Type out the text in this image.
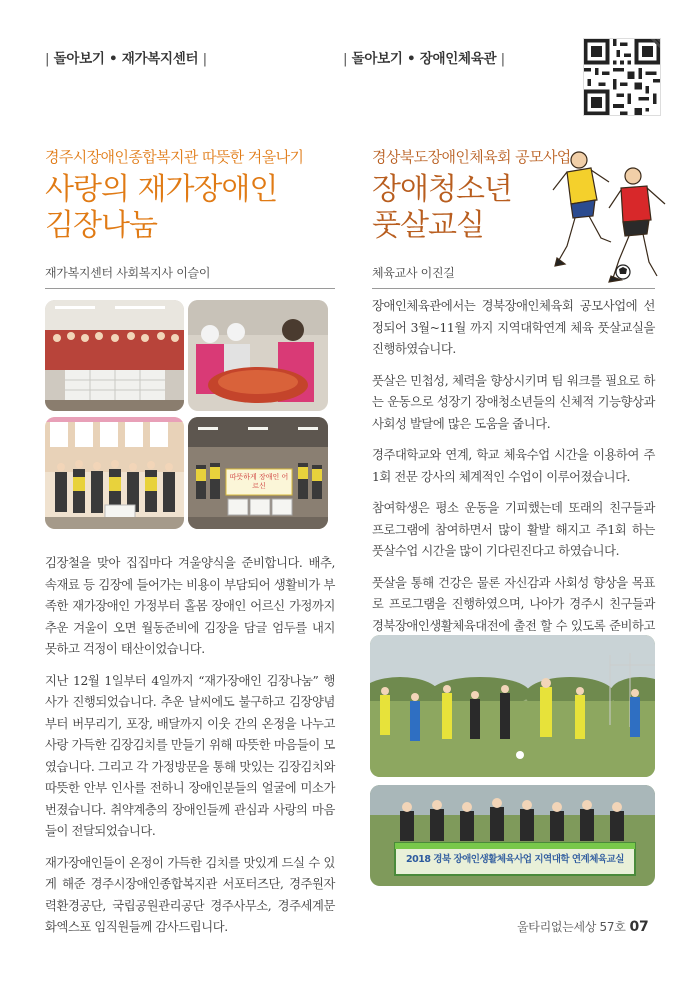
| 돌아보기 • 재가복지센터 |	| 돌아보기 • 장애인체육관 |
경주시장애인종합복지관 따뜻한 겨울나기
사랑의 재가장애인
김장나눔
재가복지센터 사회복지사 이슬이
경상북도장애인체육회 공모사업
장애청소년
풋살교실
체육교사 이진길
따뜻하게 장애인 어르신

김장철을 맞아 집집마다 겨울양식을 준비합니다. 배추, 속재료 등 김장에 들어가는 비용이 부담되어 생활비가 부족한 재가장애인 가정부터 홀몸 장애인 어르신 가정까지 추운 겨울이 오면 월동준비에 김장을 담글 엄두를 내지 못하고 걱정이 태산이었습니다.

지난 12월 1일부터 4일까지 “재가장애인 김장나눔” 행사가 진행되었습니다. 추운 날씨에도 불구하고 김장양념부터 버무리기, 포장, 배달까지 이웃 간의 온정을 나누고 사랑 가득한 김장김치를 만들기 위해 따뜻한 마음들이 모였습니다. 그리고 각 가정방문을 통해 맛있는 김장김치와 따뜻한 안부 인사를 전하니 장애인분들의 얼굴에 미소가 번졌습니다. 취약계층의 장애인들께 관심과 사랑의 마음들이 전달되었습니다.

재가장애인들이 온정이 가득한 김치를 맛있게 드실 수 있게 해준 경주시장애인종합복지관 서포터즈단, 경주원자력환경공단, 국립공원관리공단 경주사무소, 경주세계문화엑스포 임직원들께 감사드립니다.

장애인체육관에서는 경북장애인체육회 공모사업에 선정되어 3월~11월 까지 지역대학연계 체육 풋살교실을 진행하였습니다.

풋살은 민첩성, 체력을 향상시키며 팀 워크를 필요로 하는 운동으로 성장기 장애청소년들의 신체적 기능향상과 사회성 발달에 많은 도움을 줍니다.

경주대학교와 연계, 학교 체육수업 시간을 이용하여 주 1회 전문 강사의 체계적인 수업이 이루어졌습니다.

참여학생은 평소 운동을 기피했는데 또래의 친구들과 프로그램에 참여하면서 많이 활발 해지고 주1회 하는 풋살수업 시간을 많이 기다린진다고 하였습니다.

풋살을 통해 건강은 물론 자신감과 사회성 향상을 목표로 프로그램을 진행하였으며, 나아가 경주시 친구들과 경북장애인생활체육대전에 출전 할 수 있도록 준비하고

2018 경북 장애인생활체육사업 지역대학 연계체육교실
울타리없는세상 57호 07
